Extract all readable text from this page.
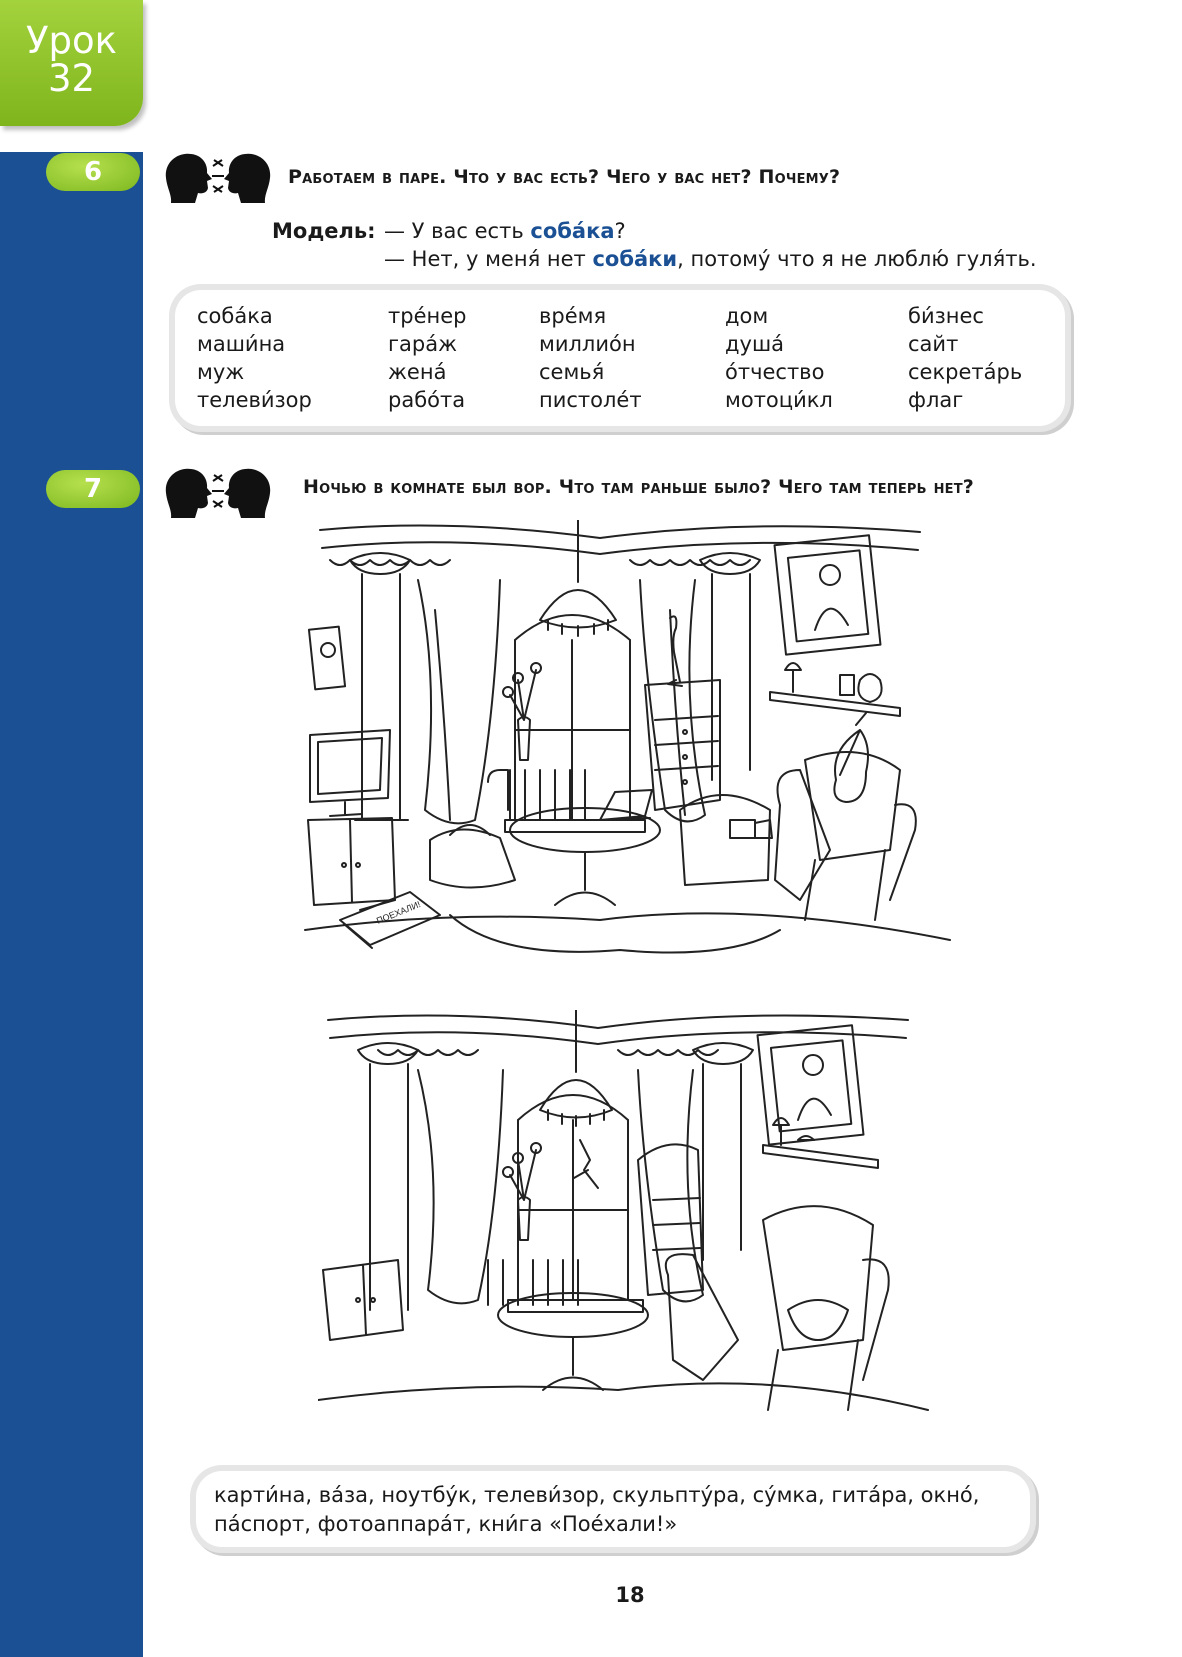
Урок
32
6	Работаем в паре. Что у вас есть? Чего у вас нет? Почему?
Модель: — У вас есть соба́ка?
— Нет, у меня́ нет соба́ки, потому́ что я не люблю́ гуля́ть.
соба́ка
маши́на
муж
телеви́зор
тре́нер
гара́ж
жена́
рабо́та
вре́мя
миллио́н
семья́
пистоле́т
дом
душа́
о́тчество
мотоци́кл
би́знес
сайт
секрета́рь
флаг
7	Ночью в комнате был вор. Что там раньше было? Чего там теперь нет?
ПОЕХАЛИ!
карти́на, ва́за, ноутбу́к, телеви́зор, скульпту́ра, су́мка, гита́ра, окно́, па́спорт, фотоаппара́т, кни́га «Пое́хали!»
18
